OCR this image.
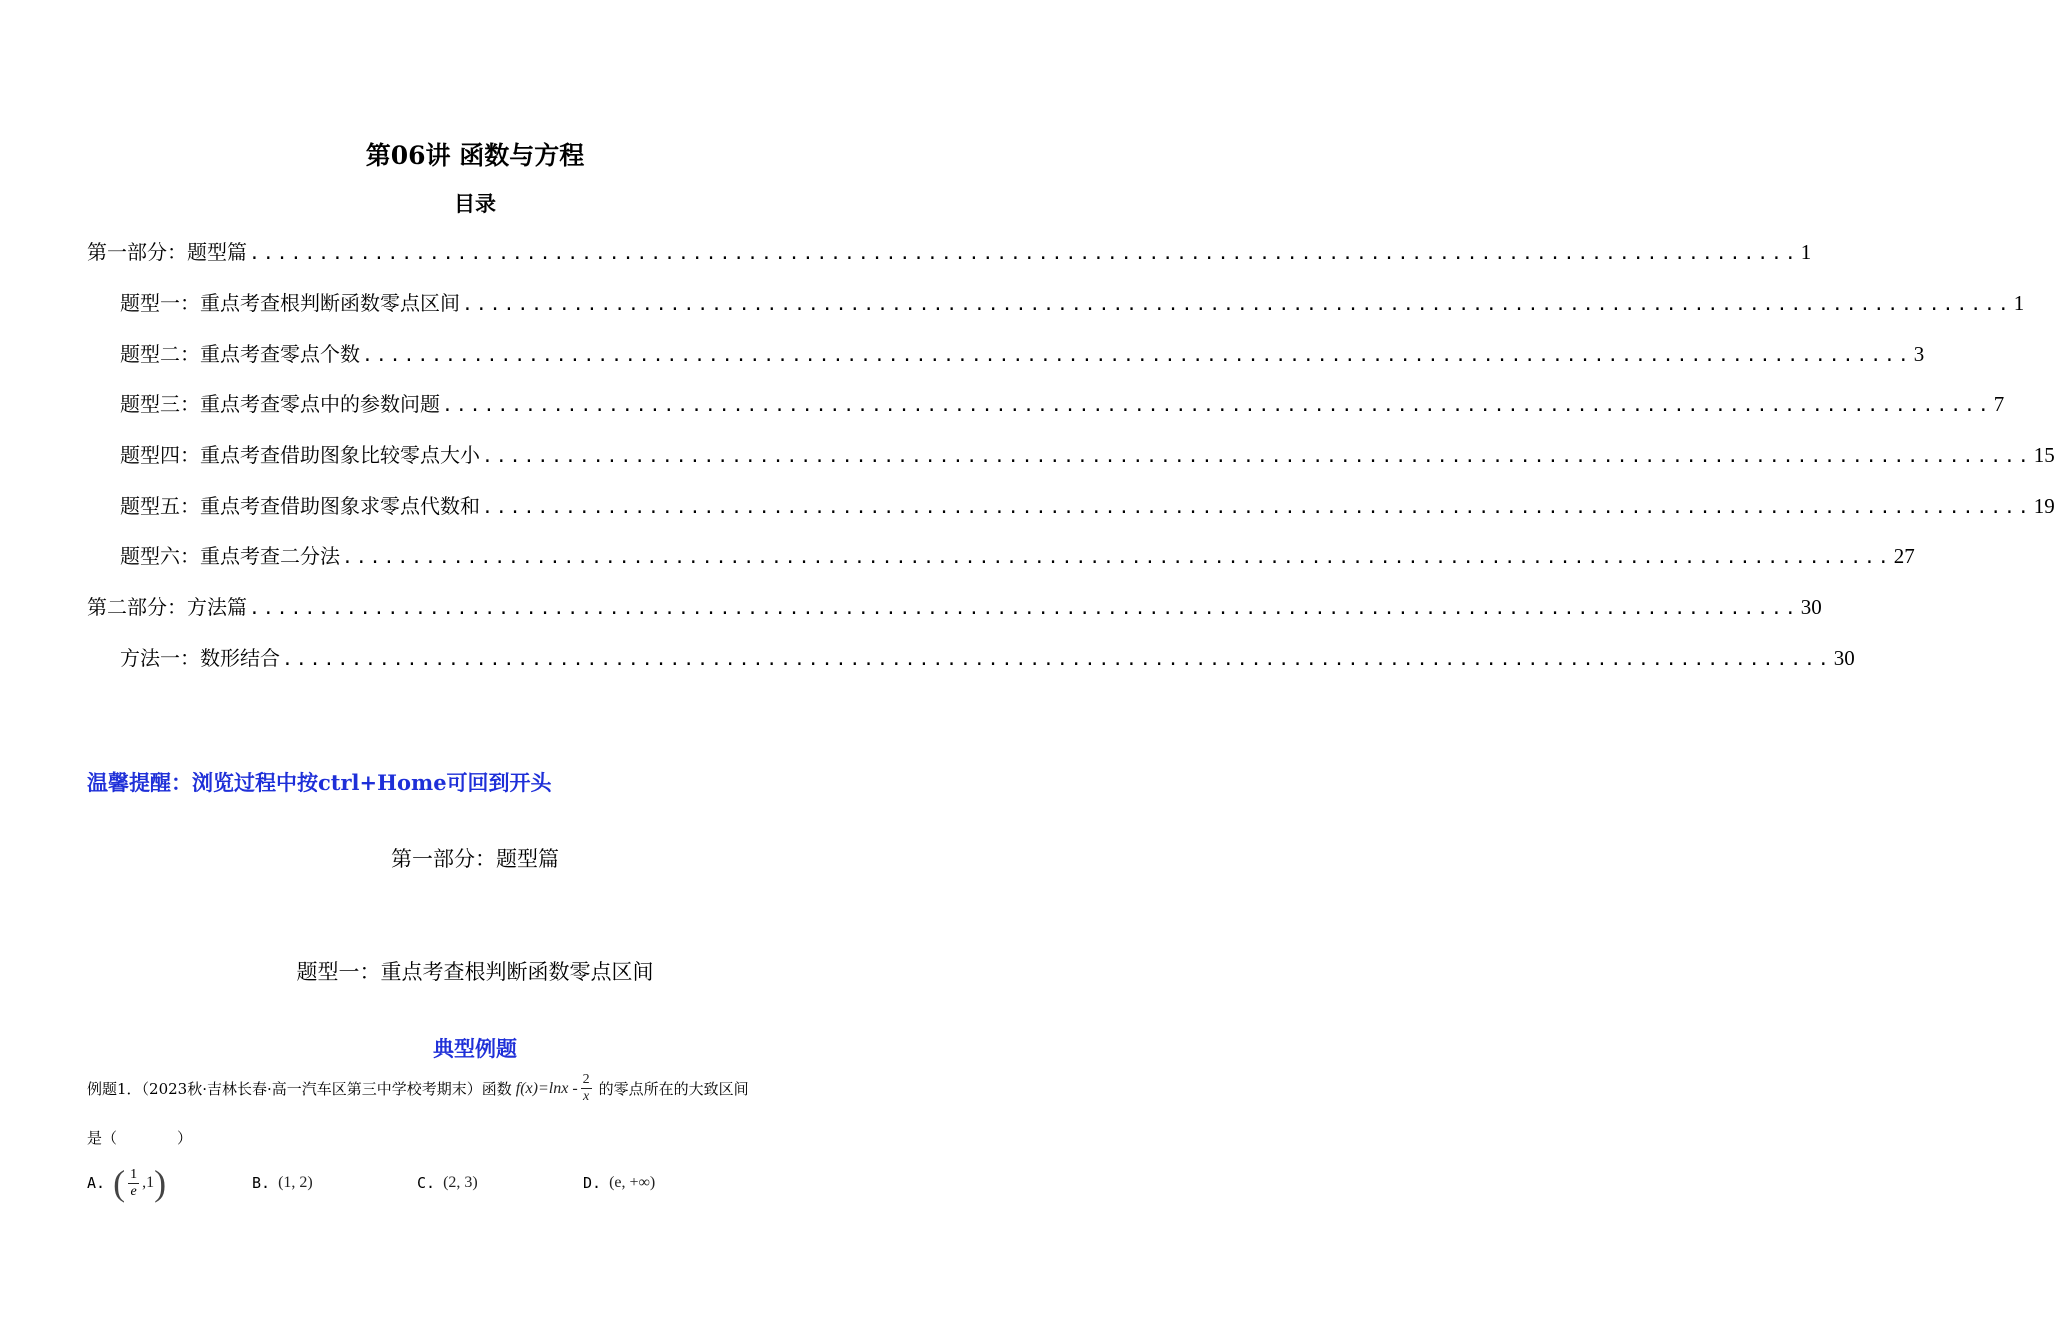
第06讲 函数与方程
目录
第一部分：题型篇 ................................................................................................................ 1
题型一：重点考查根判断函数零点区间 ................................................................................................................ 1
题型二：重点考查零点个数 ................................................................................................................ 3
题型三：重点考查零点中的参数问题 ................................................................................................................ 7
题型四：重点考查借助图象比较零点大小 ................................................................................................................ 15
题型五：重点考查借助图象求零点代数和 ................................................................................................................ 19
题型六：重点考查二分法 ................................................................................................................ 27
第二部分：方法篇 ................................................................................................................ 30
方法一：数形结合 ................................................................................................................ 30
温馨提醒：浏览过程中按ctrl+Home可回到开头
第一部分：题型篇
题型一：重点考查根判断函数零点区间
典型例题
例题1．（2023秋·吉林长春·高一汽车区第三中学校考期末）函数 $f(x)=\ln x - \frac{2}{x}$ 的零点所在的大致区间
是（　　　　）
A. ( $\frac{1}{e} ,1$ )	B. (1, 2)	C. (2, 3)	D. (e, +∞)
